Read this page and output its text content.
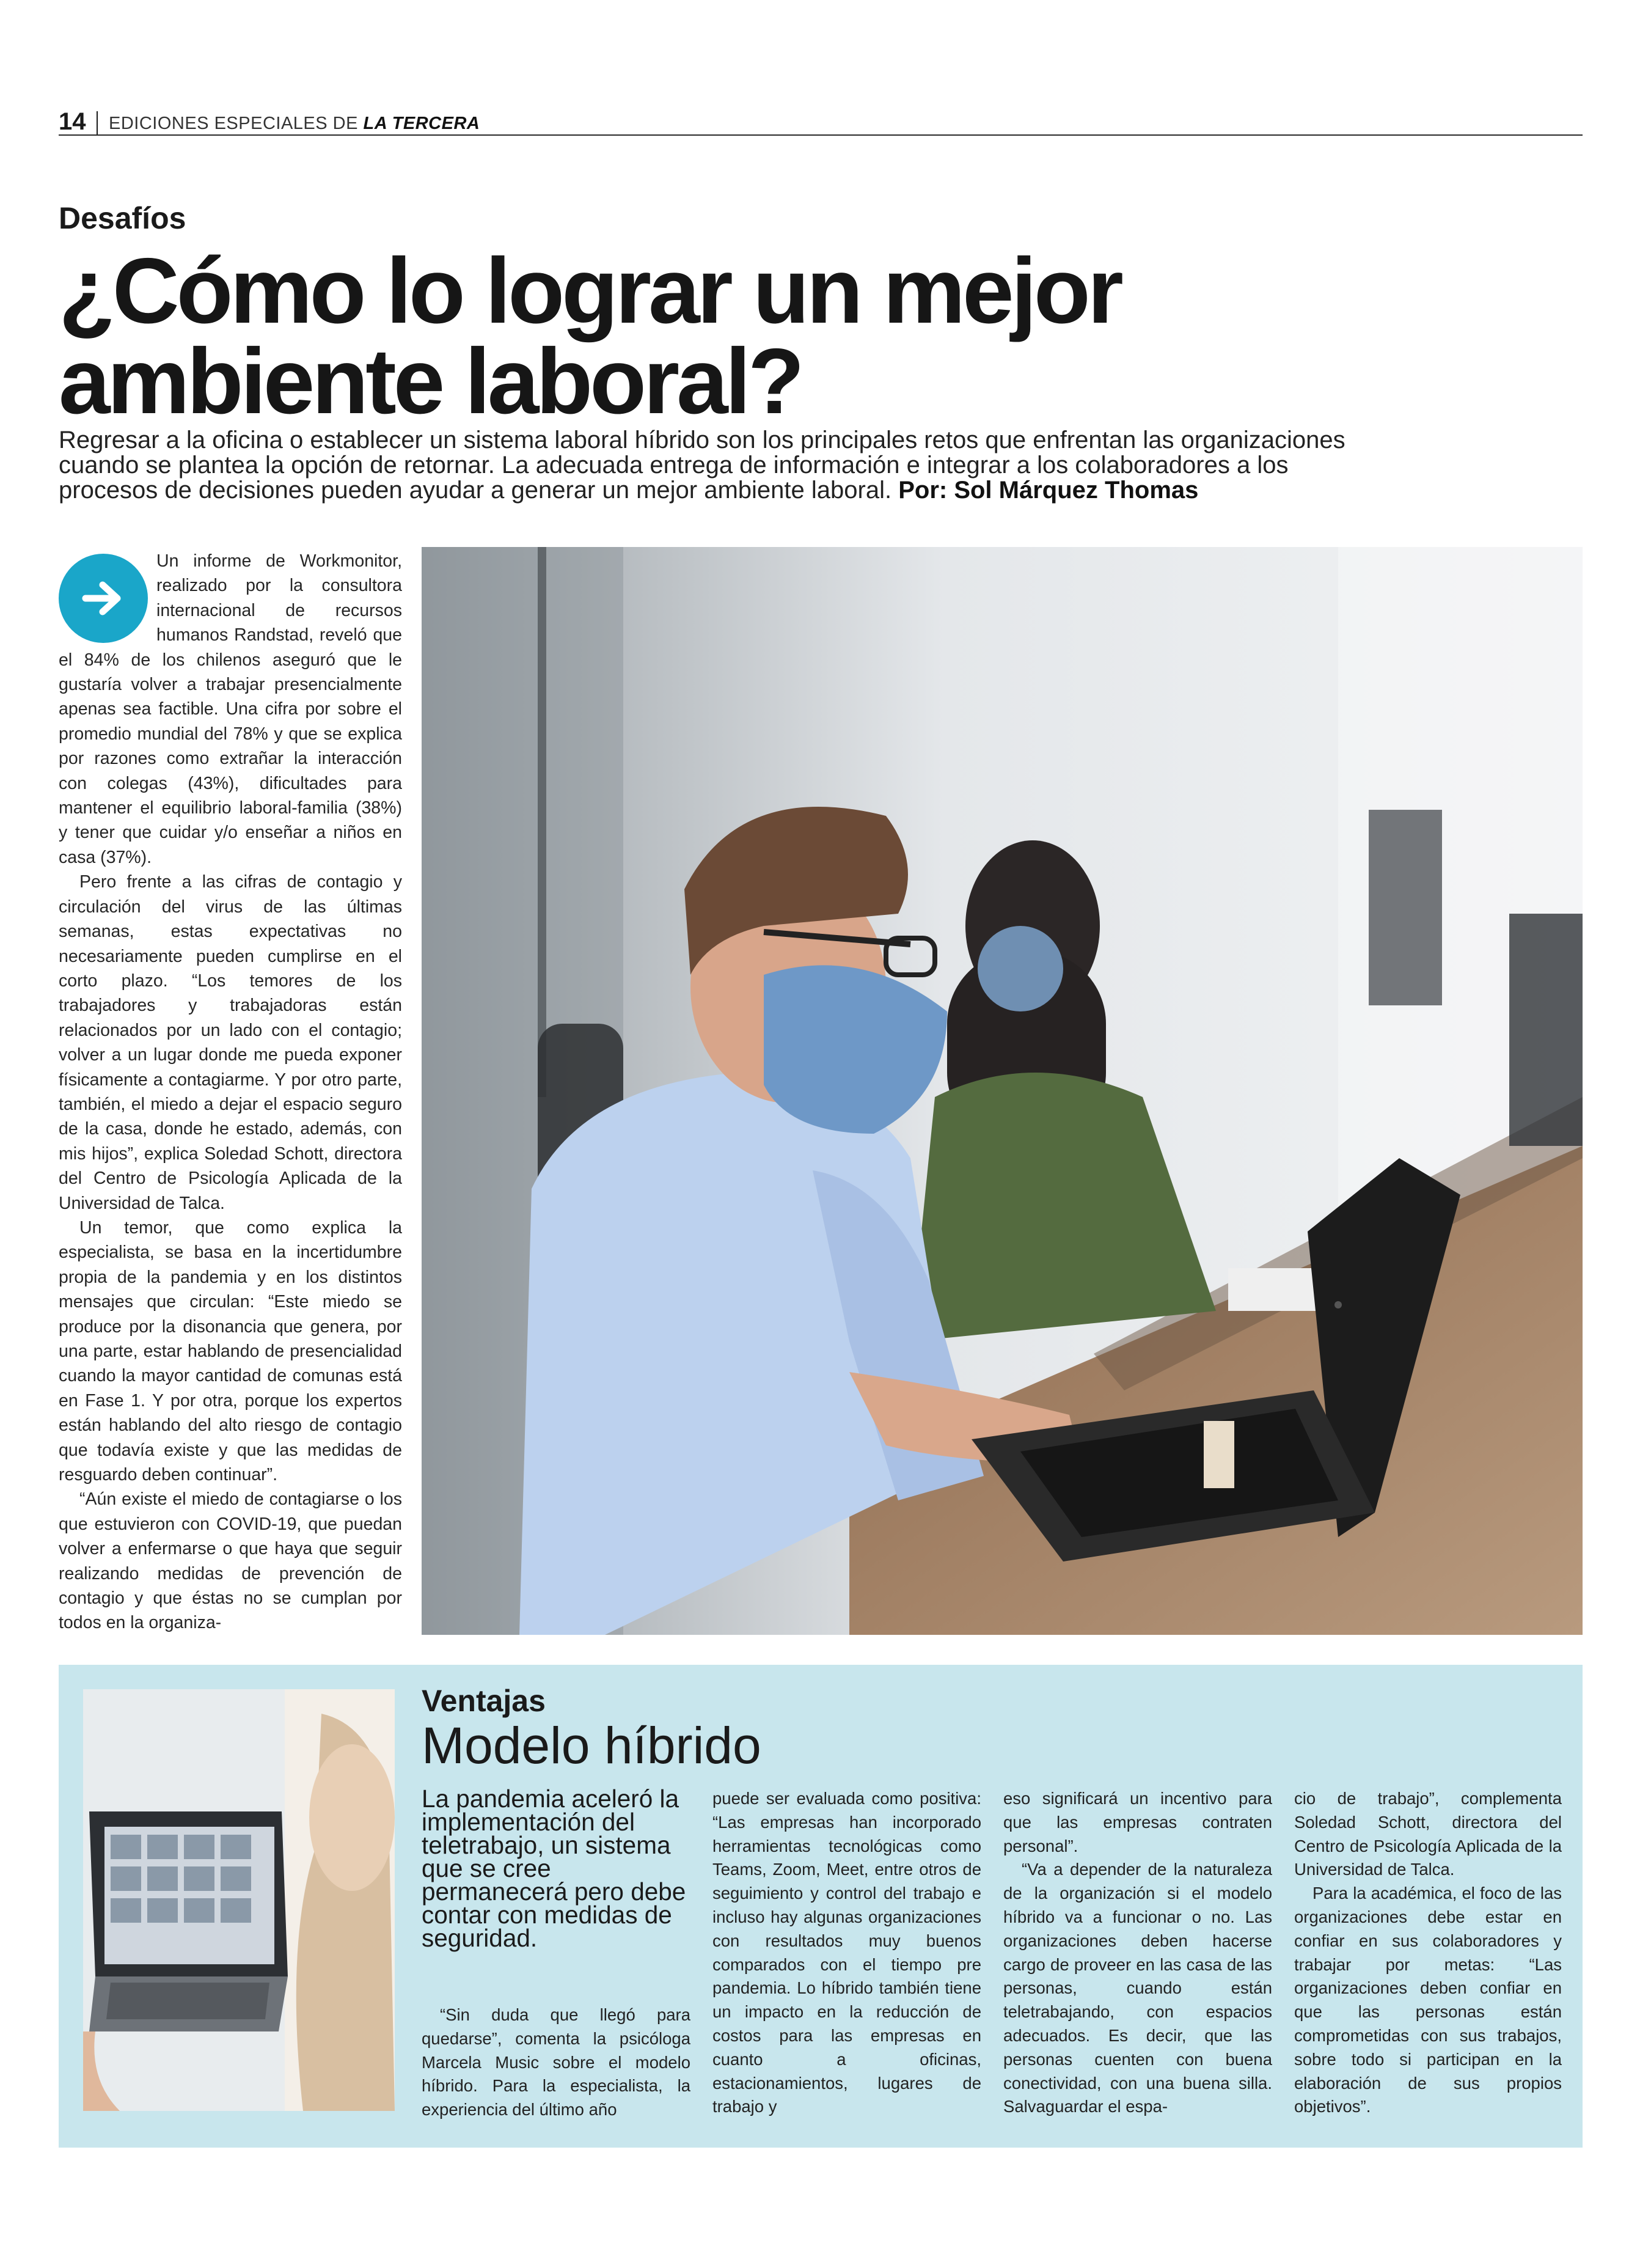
14 EDICIONES ESPECIALES DE LA TERCERA
Desafíos
¿Cómo lo lograr un mejor ambiente laboral?

Regresar a la oficina o establecer un sistema laboral híbrido son los principales retos que enfrentan las organizaciones cuando se plantea la opción de retornar. La adecuada entrega de información e integrar a los colaboradores a los procesos de decisiones pueden ayudar a generar un mejor ambiente laboral. Por: Sol Márquez Thomas

Un informe de Workmonitor, realizado por la consultora internacional de recursos humanos Randstad, reveló que el 84% de los chilenos aseguró que le gustaría volver a trabajar presencialmente apenas sea factible. Una cifra por sobre el promedio mundial del 78% y que se explica por razones como extrañar la interacción con colegas (43%), dificultades para mantener el equilibrio laboral-familia (38%) y tener que cuidar y/o enseñar a niños en casa (37%).

Pero frente a las cifras de contagio y circulación del virus de las últimas semanas, estas expectativas no necesariamente pueden cumplirse en el corto plazo. “Los temores de los trabajadores y trabajadoras están relacionados por un lado con el contagio; volver a un lugar donde me pueda exponer físicamente a contagiarme. Y por otro parte, también, el miedo a dejar el espacio seguro de la casa, donde he estado, además, con mis hijos”, explica Soledad Schott, directora del Centro de Psicología Aplicada de la Universidad de Talca.

Un temor, que como explica la especialista, se basa en la incertidumbre propia de la pandemia y en los distintos mensajes que circulan: “Este miedo se produce por la disonancia que genera, por una parte, estar hablando de presencialidad cuando la mayor cantidad de comunas está en Fase 1. Y por otra, porque los expertos están hablando del alto riesgo de contagio que todavía existe y que las medidas de resguardo deben continuar”.

“Aún existe el miedo de contagiarse o los que estuvieron con COVID-19, que puedan volver a enfermarse o que haya que seguir realizando medidas de prevención de contagio y que éstas no se cumplan por todos en la organiza-

Ventajas
Modelo híbrido

La pandemia aceleró la implementación del teletrabajo, un sistema que se cree permanecerá pero debe contar con medidas de seguridad.

“Sin duda que llegó para quedarse”, comenta la psicóloga Marcela Music sobre el modelo híbrido. Para la especialista, la experiencia del último año

puede ser evaluada como positiva: “Las empresas han incorporado herramientas tecnológicas como Teams, Zoom, Meet, entre otros de seguimiento y control del trabajo e incluso hay algunas organizaciones con resultados muy buenos comparados con el tiempo pre pandemia. Lo híbrido también tiene un impacto en la reducción de costos para las empresas en cuanto a oficinas, estacionamientos, lugares de trabajo y

eso significará un incentivo para que las empresas contraten personal”.

“Va a depender de la naturaleza de la organización si el modelo híbrido va a funcionar o no. Las organizaciones deben hacerse cargo de proveer en las casa de las personas, cuando están teletrabajando, con espacios adecuados. Es decir, que las personas cuenten con buena conectividad, con una buena silla. Salvaguardar el espa-

cio de trabajo”, complementa Soledad Schott, directora del Centro de Psicología Aplicada de la Universidad de Talca.

Para la académica, el foco de las organizaciones debe estar en confiar en sus colaboradores y trabajar por metas: “Las organizaciones deben confiar en que las personas están comprometidas con sus trabajos, sobre todo si participan en la elaboración de sus propios objetivos”.
